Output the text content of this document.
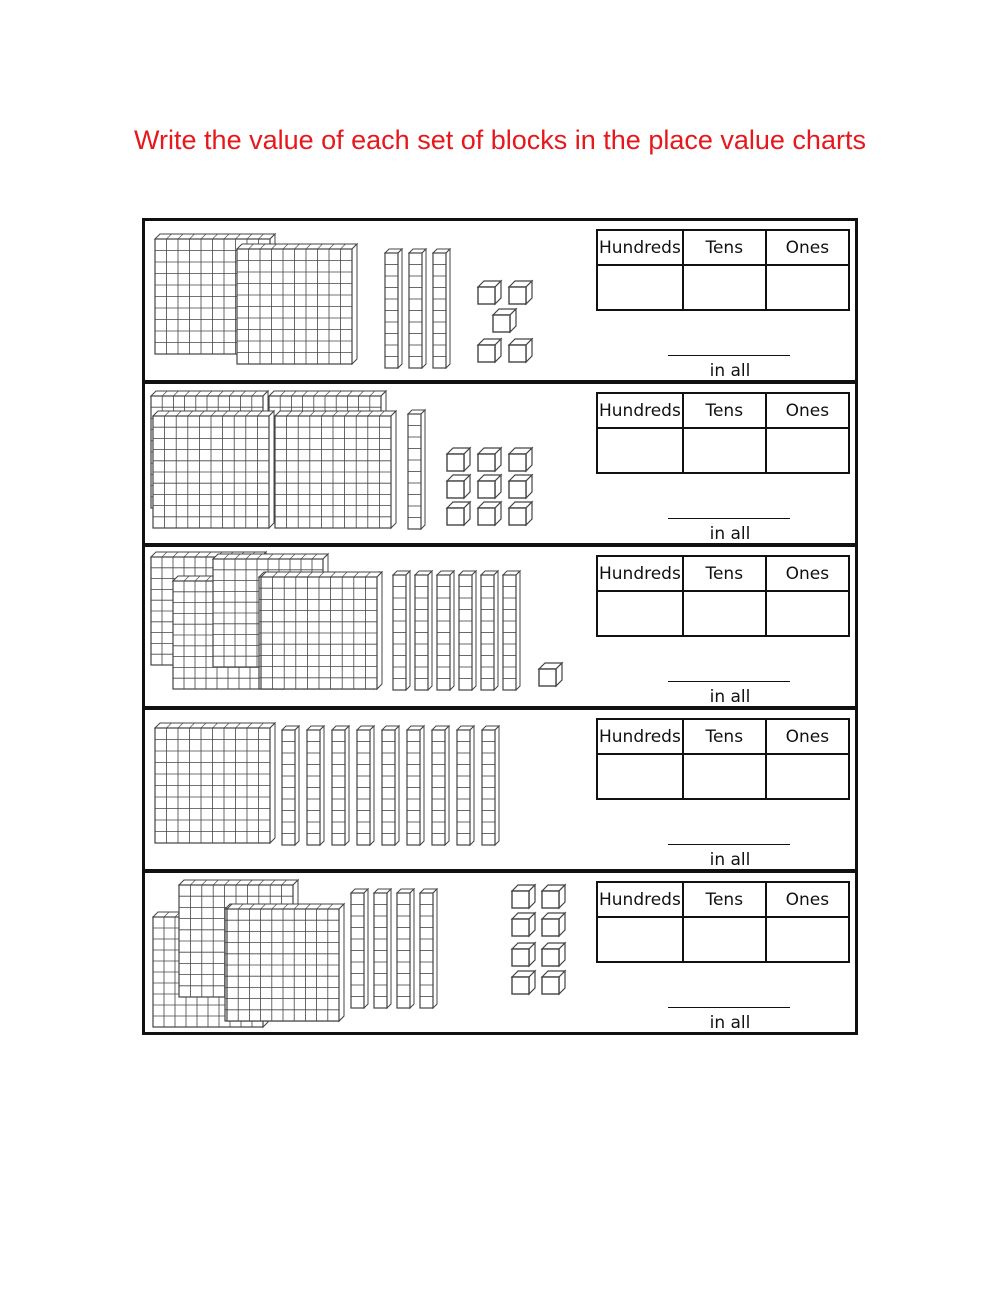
Write the value of each set of blocks in the place value charts
Hundreds	Tens	Ones

in all
Hundreds	Tens	Ones

in all
Hundreds	Tens	Ones

in all
Hundreds	Tens	Ones

in all
Hundreds	Tens	Ones

in all
